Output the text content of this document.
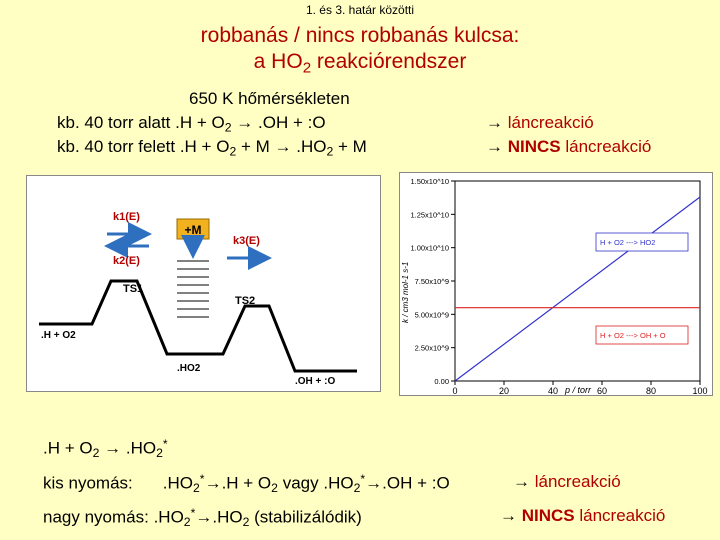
1. és 3. határ közötti
robbanás / nincs robbanás kulcsa:
a $HO_2$ reakciórendszer
650 K hőmérsékleten
kb. 40 torr alatt $.H + O_2 \to .OH$ + :O
kb. 40 torr felett $.H + O_2 + M \to .HO_2 + M$
→ láncreakció
→ NINCS láncreakció
+M
k1(E)
k2(E)
k3(E)
TS1
TS2
.H + O2
.HO2
.OH + :O	0.00
2.50x10^9
5.00x10^9
7.50x10^9
1.00x10^10
1.25x10^10
1.50x10^10
0	20	40	60	80	100
H + O2 ---> HO2
H + O2 ---> OH + O
k / cm3 mol-1 s-1
p / torr
$.H + O_2 \to .HO_2^*$
kis nyomás: $.HO_2^*\to.H + O_2$ vagy $.HO_2^*\to.OH$ + :O	→ láncreakció
nagy nyomás: $.HO_2^*\to.HO_2$ (stabilizálódik)	→ NINCS láncreakció
